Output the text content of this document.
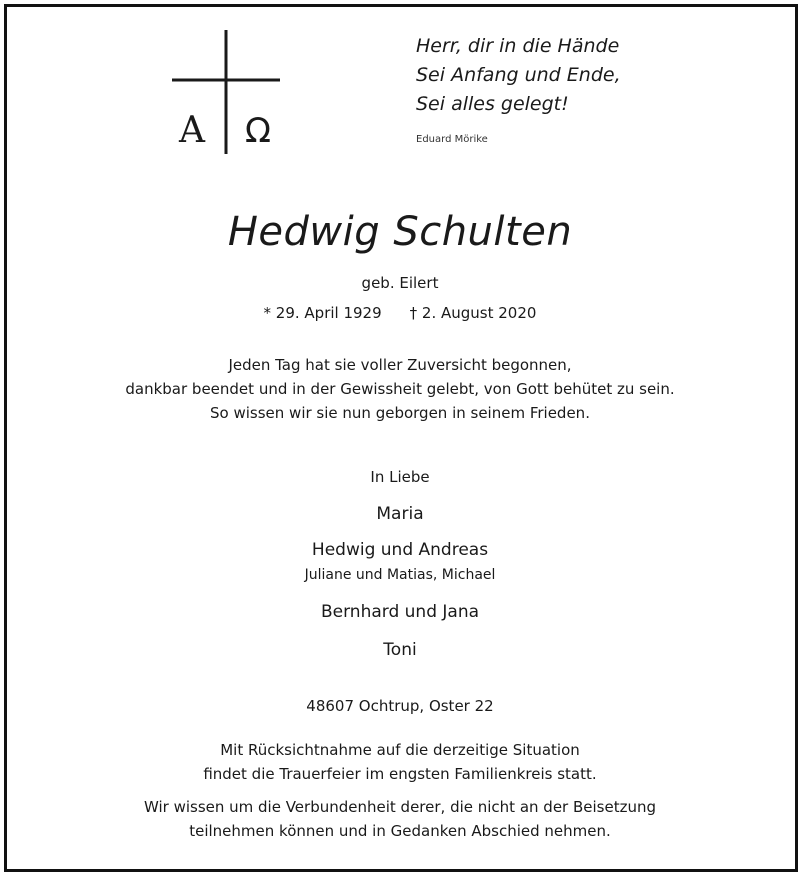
A Ω
Herr, dir in die Hände
Sei Anfang und Ende,
Sei alles gelegt!
Eduard Mörike
Hedwig Schulten
geb. Eilert
* 29. April 1929 † 2. August 2020
Jeden Tag hat sie voller Zuversicht begonnen,
dankbar beendet und in der Gewissheit gelebt, von Gott behütet zu sein.
So wissen wir sie nun geborgen in seinem Frieden.
In Liebe
Maria
Hedwig und Andreas
Juliane und Matias, Michael
Bernhard und Jana
Toni
48607 Ochtrup, Oster 22
Mit Rücksichtnahme auf die derzeitige Situation
findet die Trauerfeier im engsten Familienkreis statt.
Wir wissen um die Verbundenheit derer, die nicht an der Beisetzung
teilnehmen können und in Gedanken Abschied nehmen.
